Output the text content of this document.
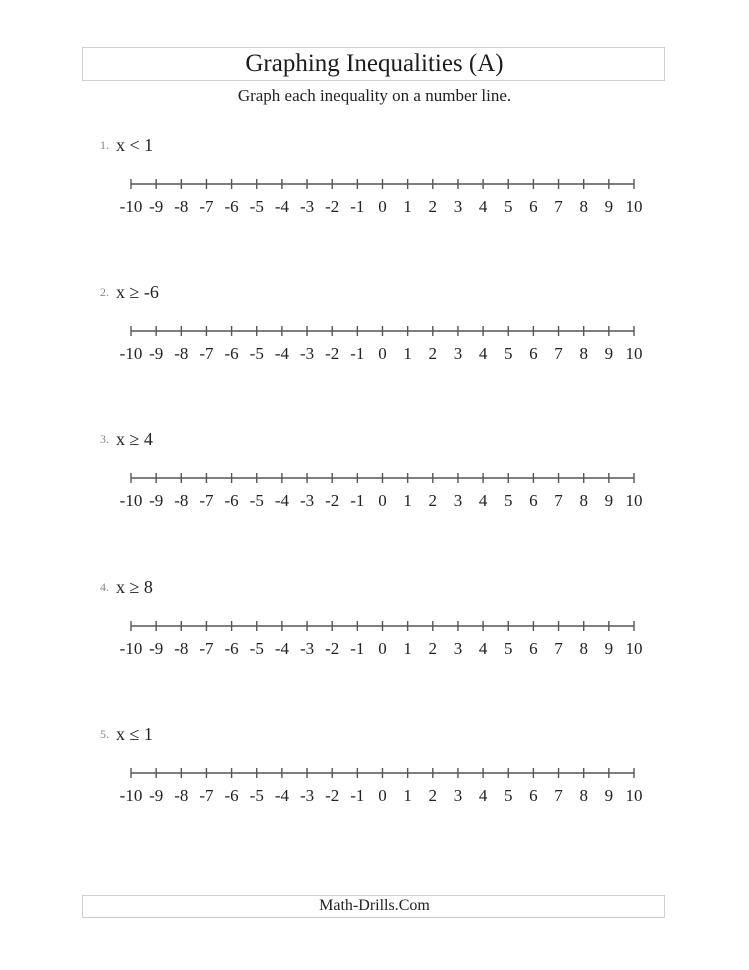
Graphing Inequalities (A)
Graph each inequality on a number line.
1. x < 1
-10 -9 -8 -7 -6 -5 -4 -3 -2 -1 0 1 2 3 4 5 6 7 8 9 10
2. x ≥ -6
-10 -9 -8 -7 -6 -5 -4 -3 -2 -1 0 1 2 3 4 5 6 7 8 9 10
3. x ≥ 4
-10 -9 -8 -7 -6 -5 -4 -3 -2 -1 0 1 2 3 4 5 6 7 8 9 10
4. x ≥ 8
-10 -9 -8 -7 -6 -5 -4 -3 -2 -1 0 1 2 3 4 5 6 7 8 9 10
5. x ≤ 1
-10 -9 -8 -7 -6 -5 -4 -3 -2 -1 0 1 2 3 4 5 6 7 8 9 10
Math-Drills.Com
